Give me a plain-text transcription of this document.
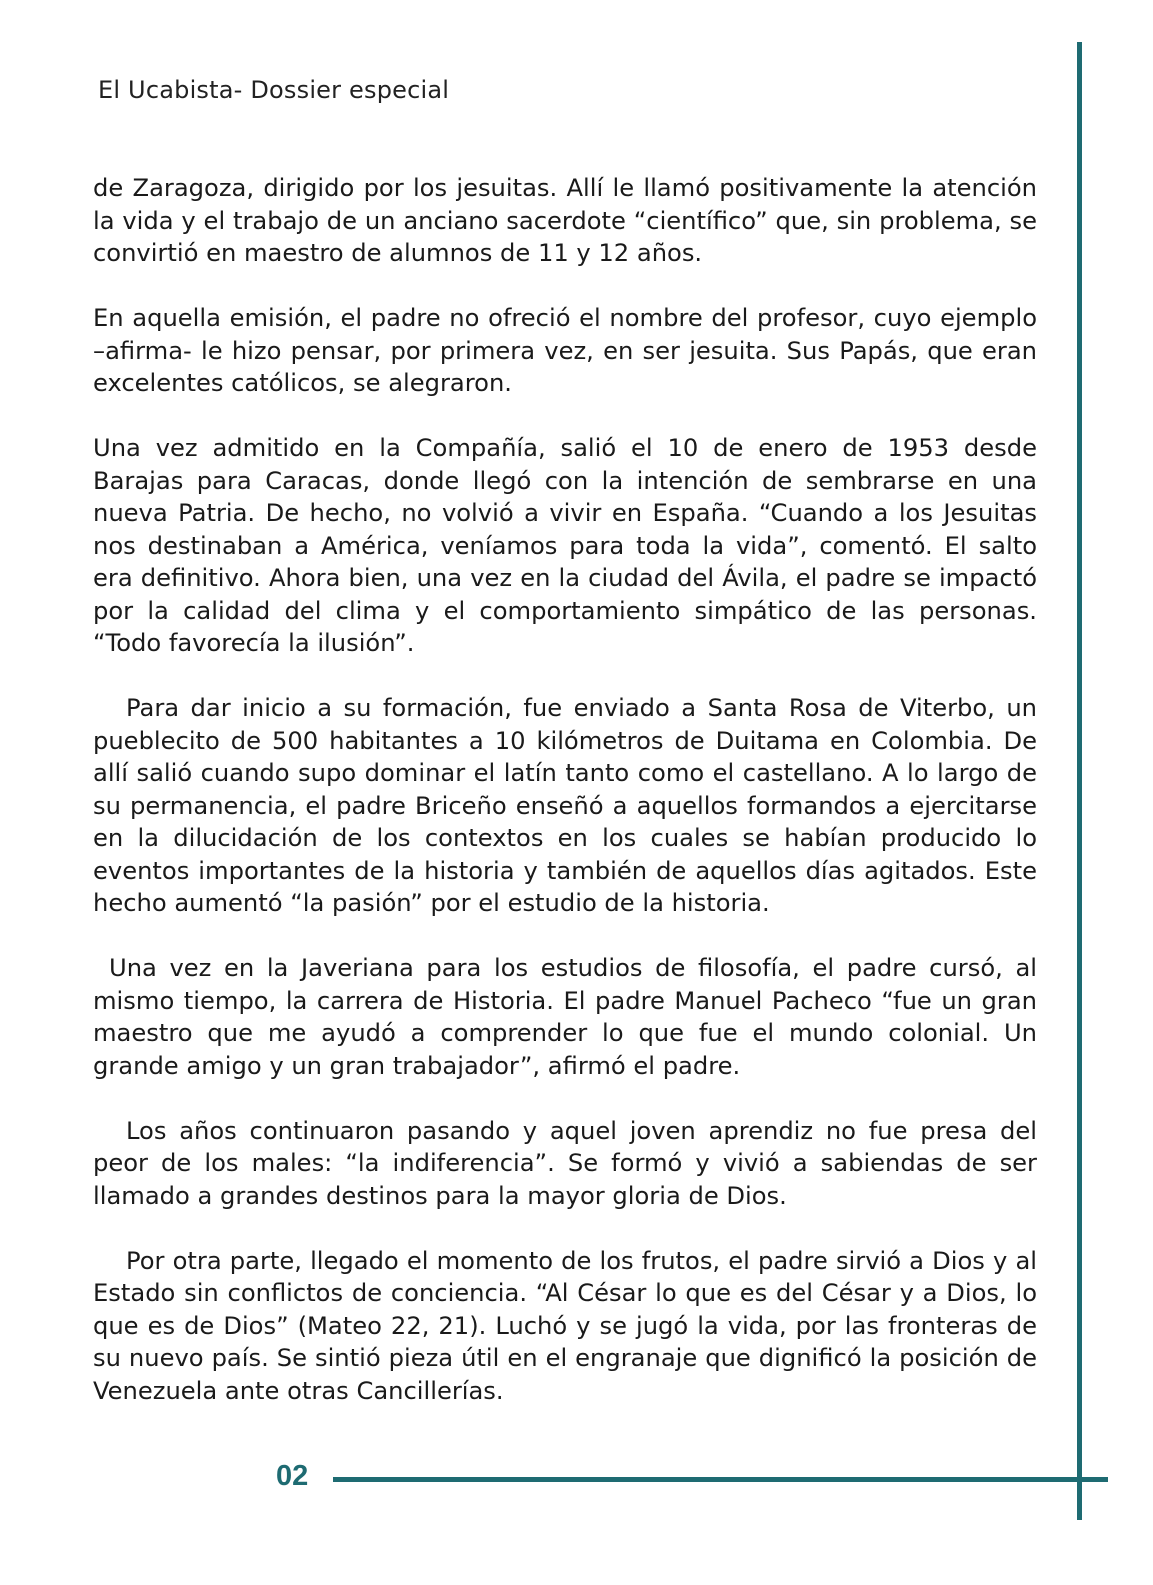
El Ucabista- Dossier especial

de Zaragoza, dirigido por los jesuitas. Allí le llamó positivamente la atención la vida y el trabajo de un anciano sacerdote “científico” que, sin problema, se convirtió en maestro de alumnos de 11 y 12 años.

En aquella emisión, el padre no ofreció el nombre del profesor, cuyo ejemplo –afirma- le hizo pensar, por primera vez, en ser jesuita. Sus Papás, que eran excelentes católicos, se alegraron.

Una vez admitido en la Compañía, salió el 10 de enero de 1953 desde Barajas para Caracas, donde llegó con la intención de sembrarse en una nueva Patria. De hecho, no volvió a vivir en España. “Cuando a los Jesuitas nos destinaban a América, veníamos para toda la vida”, comentó. El salto era definitivo. Ahora bien, una vez en la ciudad del Ávila, el padre se impactó por la calidad del clima y el comportamiento simpático de las personas. “Todo favorecía la ilusión”.

Para dar inicio a su formación, fue enviado a Santa Rosa de Viterbo, un pueblecito de 500 habitantes a 10 kilómetros de Duitama en Colombia. De allí salió cuando supo dominar el latín tanto como el castellano. A lo largo de su permanencia, el padre Briceño enseñó a aquellos formandos a ejercitarse en la dilucidación de los contextos en los cuales se habían producido lo eventos importantes de la historia y también de aquellos días agitados. Este hecho aumentó “la pasión” por el estudio de la historia.

Una vez en la Javeriana para los estudios de filosofía, el padre cursó, al mismo tiempo, la carrera de Historia. El padre Manuel Pacheco “fue un gran maestro que me ayudó a comprender lo que fue el mundo colonial. Un grande amigo y un gran trabajador”, afirmó el padre.

Los años continuaron pasando y aquel joven aprendiz no fue presa del peor de los males: “la indiferencia”. Se formó y vivió a sabiendas de ser llamado a grandes destinos para la mayor gloria de Dios.

Por otra parte, llegado el momento de los frutos, el padre sirvió a Dios y al Estado sin conflictos de conciencia. “Al César lo que es del César y a Dios, lo que es de Dios” (Mateo 22, 21). Luchó y se jugó la vida, por las fronteras de su nuevo país. Se sintió pieza útil en el engranaje que dignificó la posición de Venezuela ante otras Cancillerías.

02
